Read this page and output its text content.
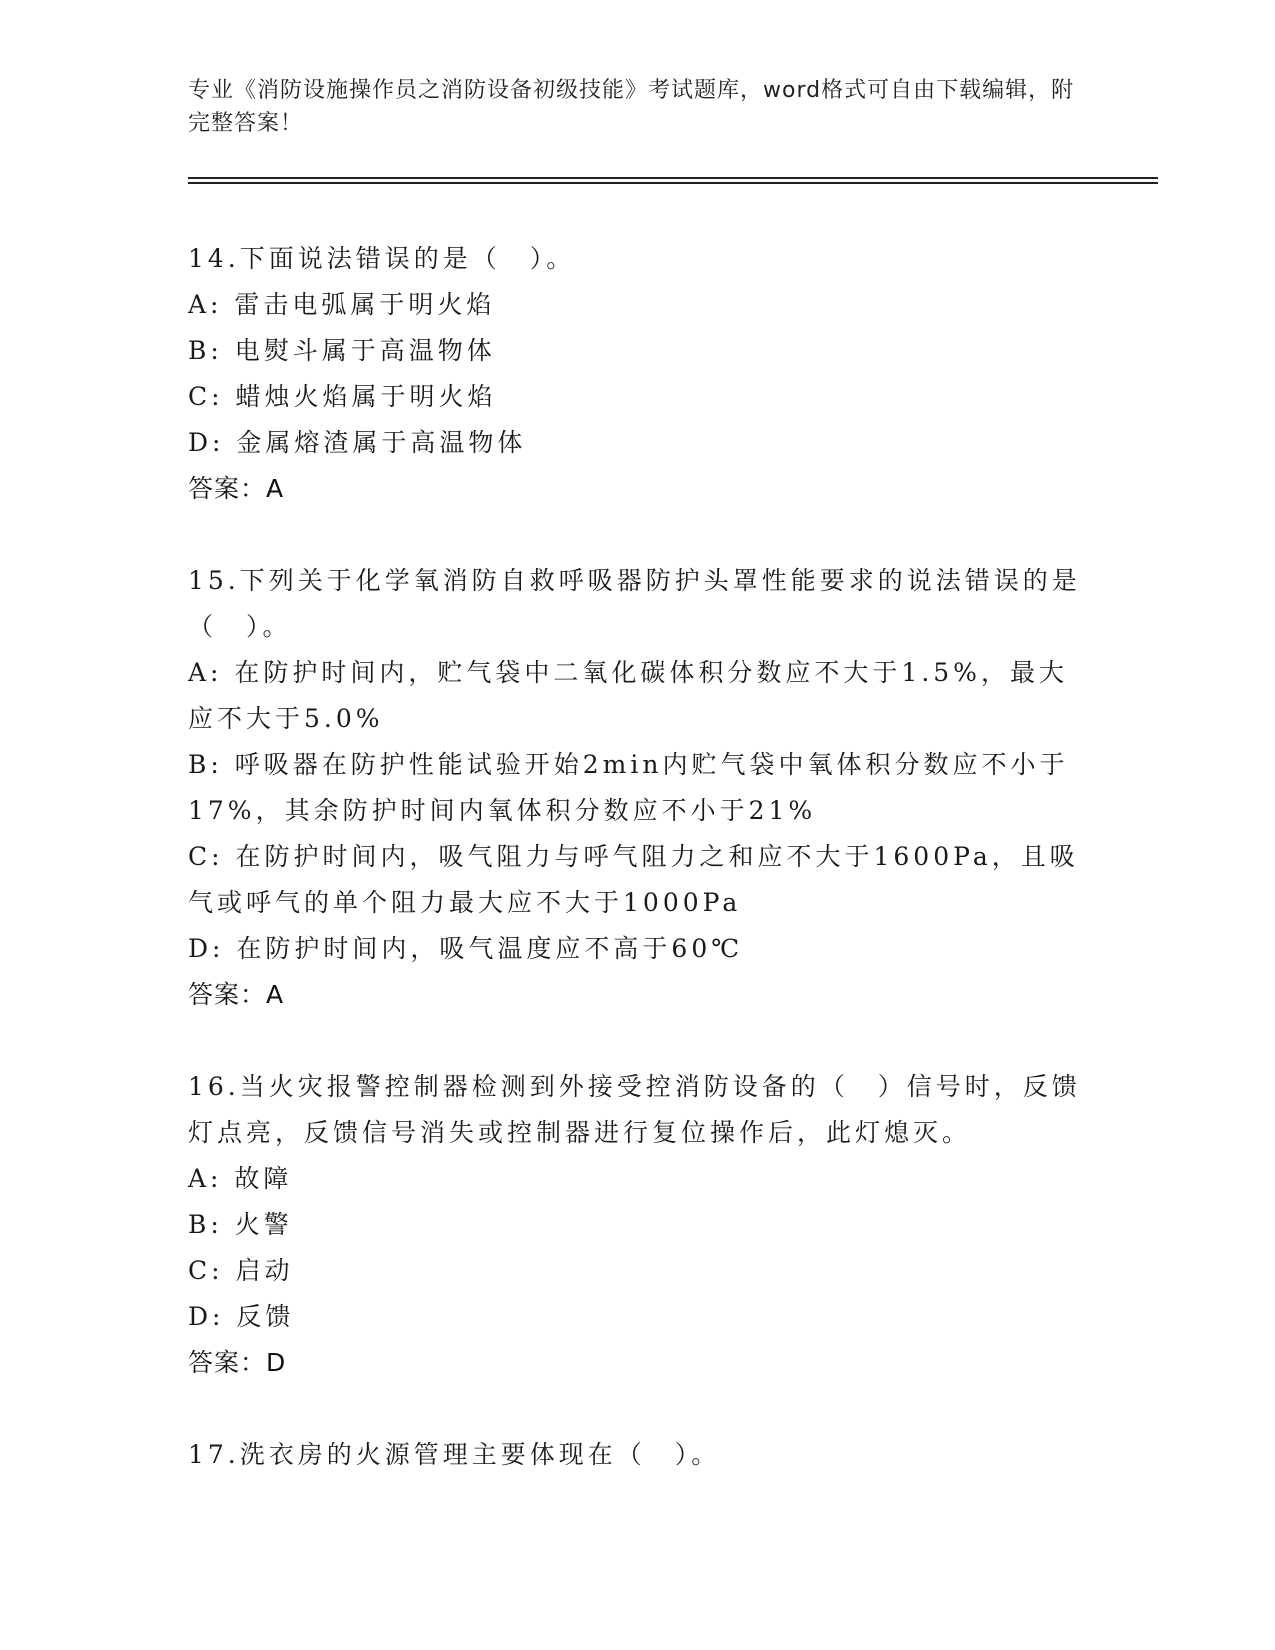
专业《消防设施操作员之消防设备初级技能》考试题库，word格式可自由下载编辑，附完整答案！
14.下面说法错误的是（　）。
A: 雷击电弧属于明火焰
B: 电熨斗属于高温物体
C: 蜡烛火焰属于明火焰
D: 金属熔渣属于高温物体
答案：A
15.下列关于化学氧消防自救呼吸器防护头罩性能要求的说法错误的是（　）。
A: 在防护时间内，贮气袋中二氧化碳体积分数应不大于1.5%，最大应不大于5.0%
B: 呼吸器在防护性能试验开始2min内贮气袋中氧体积分数应不小于17%，其余防护时间内氧体积分数应不小于21%
C: 在防护时间内，吸气阻力与呼气阻力之和应不大于1600Pa，且吸气或呼气的单个阻力最大应不大于1000Pa
D: 在防护时间内，吸气温度应不高于60℃
答案：A
16.当火灾报警控制器检测到外接受控消防设备的（　）信号时，反馈灯点亮，反馈信号消失或控制器进行复位操作后，此灯熄灭。
A: 故障
B: 火警
C: 启动
D: 反馈
答案：D
17.洗衣房的火源管理主要体现在（　）。
